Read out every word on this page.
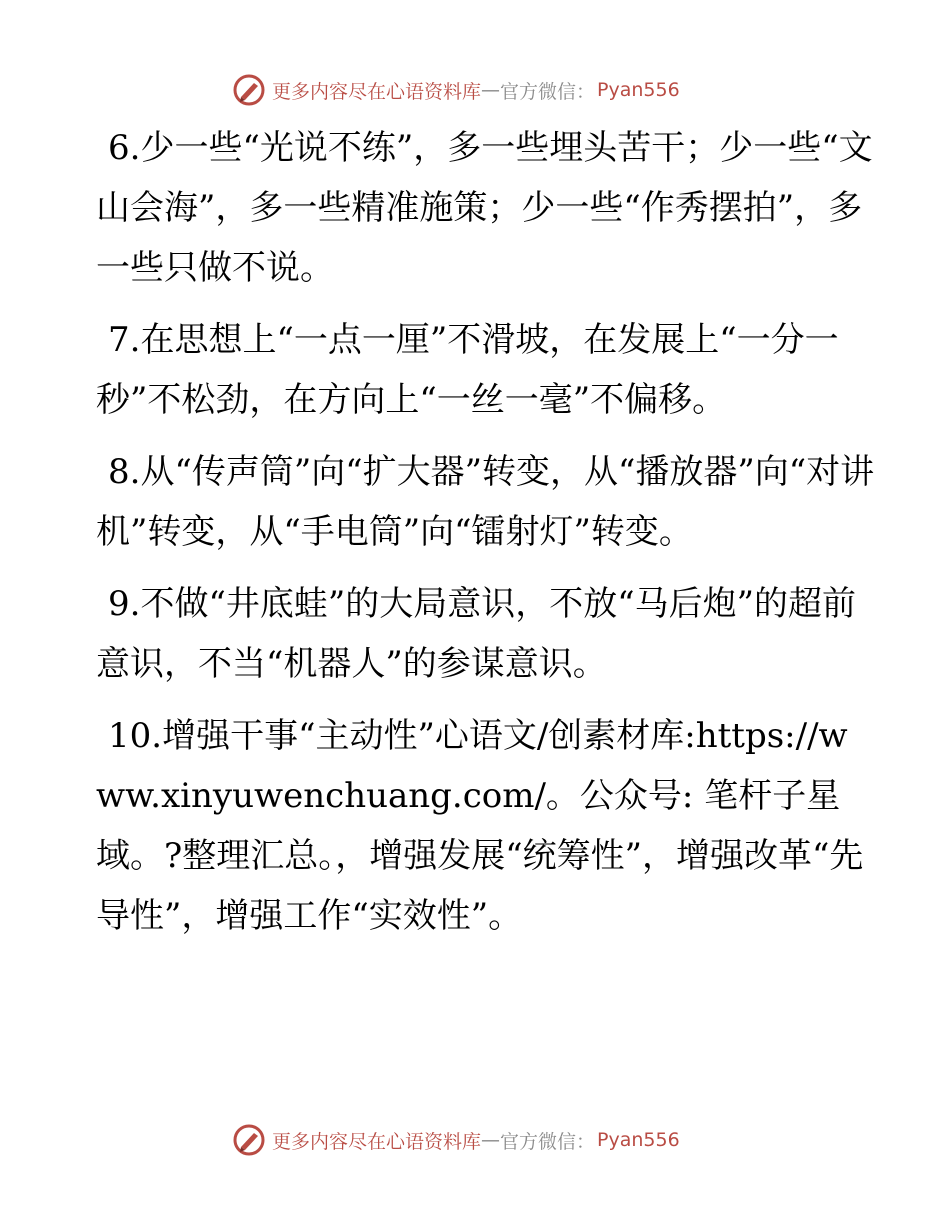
更多内容尽在心语资料库 — 官方微信： Pyan556

6.少一些“光说不练”，多一些埋头苦干；少一些“文山会海”，多一些精准施策；少一些“作秀摆拍”，多一些只做不说。

7.在思想上“一点一厘”不滑坡，在发展上“一分一秒”不松劲，在方向上“一丝一毫”不偏移。

8.从“传声筒”向“扩大器”转变，从“播放器”向“对讲机”转变，从“手电筒”向“镭射灯”转变。

9.不做“井底蛙”的大局意识，不放“马后炮”的超前意识，不当“机器人”的参谋意识。

10.增强干事“主动性”心语文/创素材库:https://www.xinyuwenchuang.com/。公众号: 笔杆子星域。?整理汇总。，增强发展“统筹性”，增强改革“先导性”，增强工作“实效性”。

更多内容尽在心语资料库 — 官方微信： Pyan556
